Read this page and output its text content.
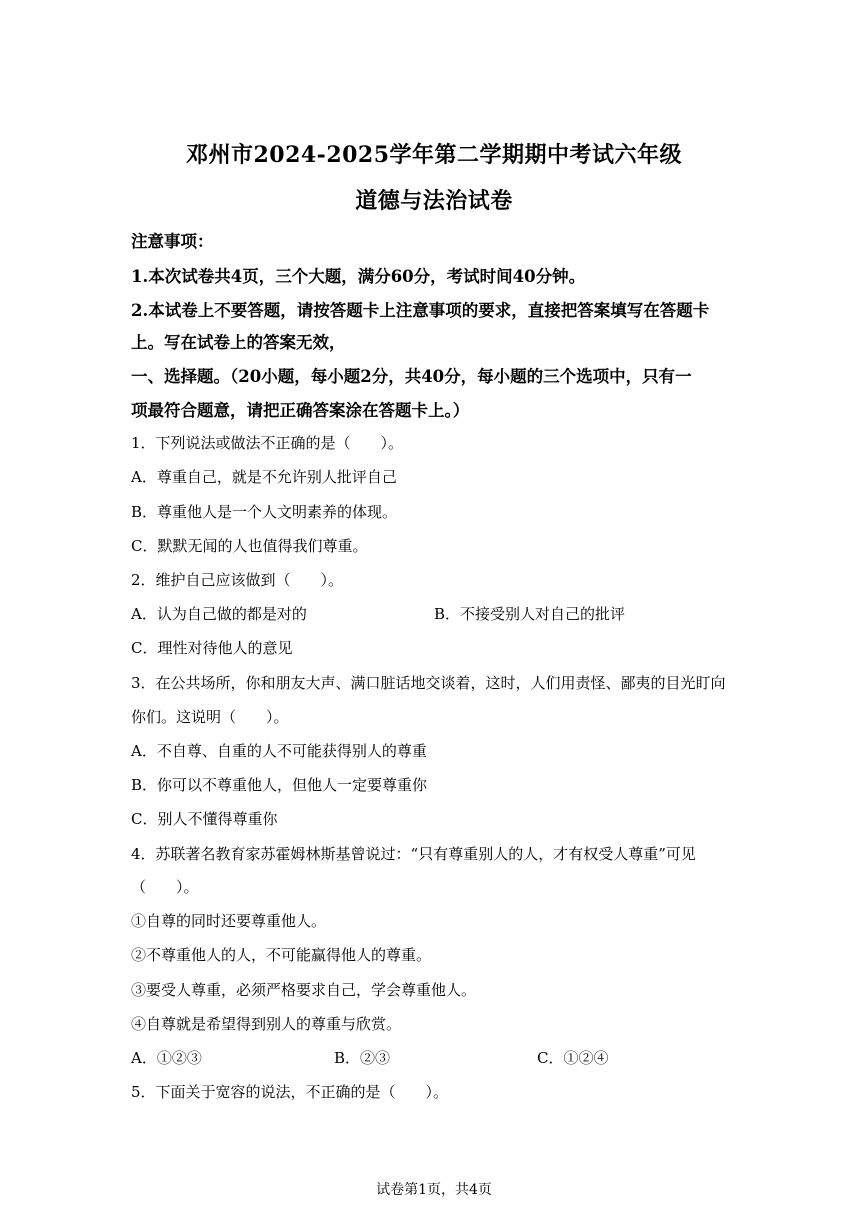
邓州市2024-2025学年第二学期期中考试六年级
道德与法治试卷
注意事项：
1.本次试卷共4页，三个大题，满分60分，考试时间40分钟。
2.本试卷上不要答题，请按答题卡上注意事项的要求，直接把答案填写在答题卡
上。写在试卷上的答案无效，
一、选择题。（20小题，每小题2分，共40分，每小题的三个选项中，只有一
项最符合题意，请把正确答案涂在答题卡上。）
1．下列说法或做法不正确的是（　　）。
A．尊重自己，就是不允许别人批评自己
B．尊重他人是一个人文明素养的体现。
C．默默无闻的人也值得我们尊重。
2．维护自己应该做到（　　）。
A．认为自己做的都是对的	B．不接受别人对自己的批评
C．理性对待他人的意见
3．在公共场所，你和朋友大声、满口脏话地交谈着，这时，人们用责怪、鄙夷的目光盯向
你们。这说明（　　）。
A．不自尊、自重的人不可能获得别人的尊重
B．你可以不尊重他人，但他人一定要尊重你
C．别人不懂得尊重你
4．苏联著名教育家苏霍姆林斯基曾说过：“只有尊重别人的人，才有权受人尊重”可见
（　　）。
①自尊的同时还要尊重他人。
②不尊重他人的人，不可能赢得他人的尊重。
③要受人尊重，必须严格要求自己，学会尊重他人。
④自尊就是希望得到别人的尊重与欣赏。
A．①②③	B．②③	C．①②④
5．下面关于宽容的说法，不正确的是（　　）。
试卷第1页，共4页
